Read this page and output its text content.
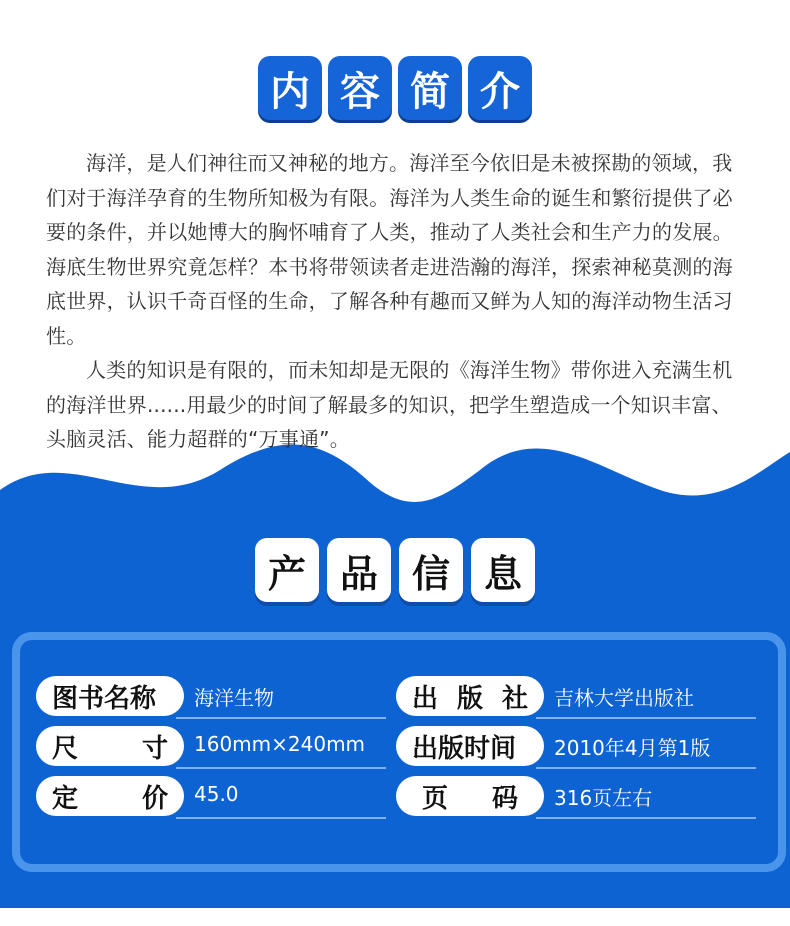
内 容 简 介

海洋，是人们神往而又神秘的地方。海洋至今依旧是未被探勘的领域，我们对于海洋孕育的生物所知极为有限。海洋为人类生命的诞生和繁衍提供了必要的条件，并以她博大的胸怀哺育了人类，推动了人类社会和生产力的发展。海底生物世界究竟怎样？本书将带领读者走进浩瀚的海洋，探索神秘莫测的海底世界，认识千奇百怪的生命，了解各种有趣而又鲜为人知的海洋动物生活习性。

人类的知识是有限的，而未知却是无限的《海洋生物》带你进入充满生机的海洋世界......用最少的时间了解最多的知识，把学生塑造成一个知识丰富、头脑灵活、能力超群的“万事通”。

产 品 信 息
图书名称 海洋生物	出 版 社 吉林大学出版社
尺 寸 160mm×240mm 出版时间 2010年4月第1版
定 价 45.0	页 码 316页左右
